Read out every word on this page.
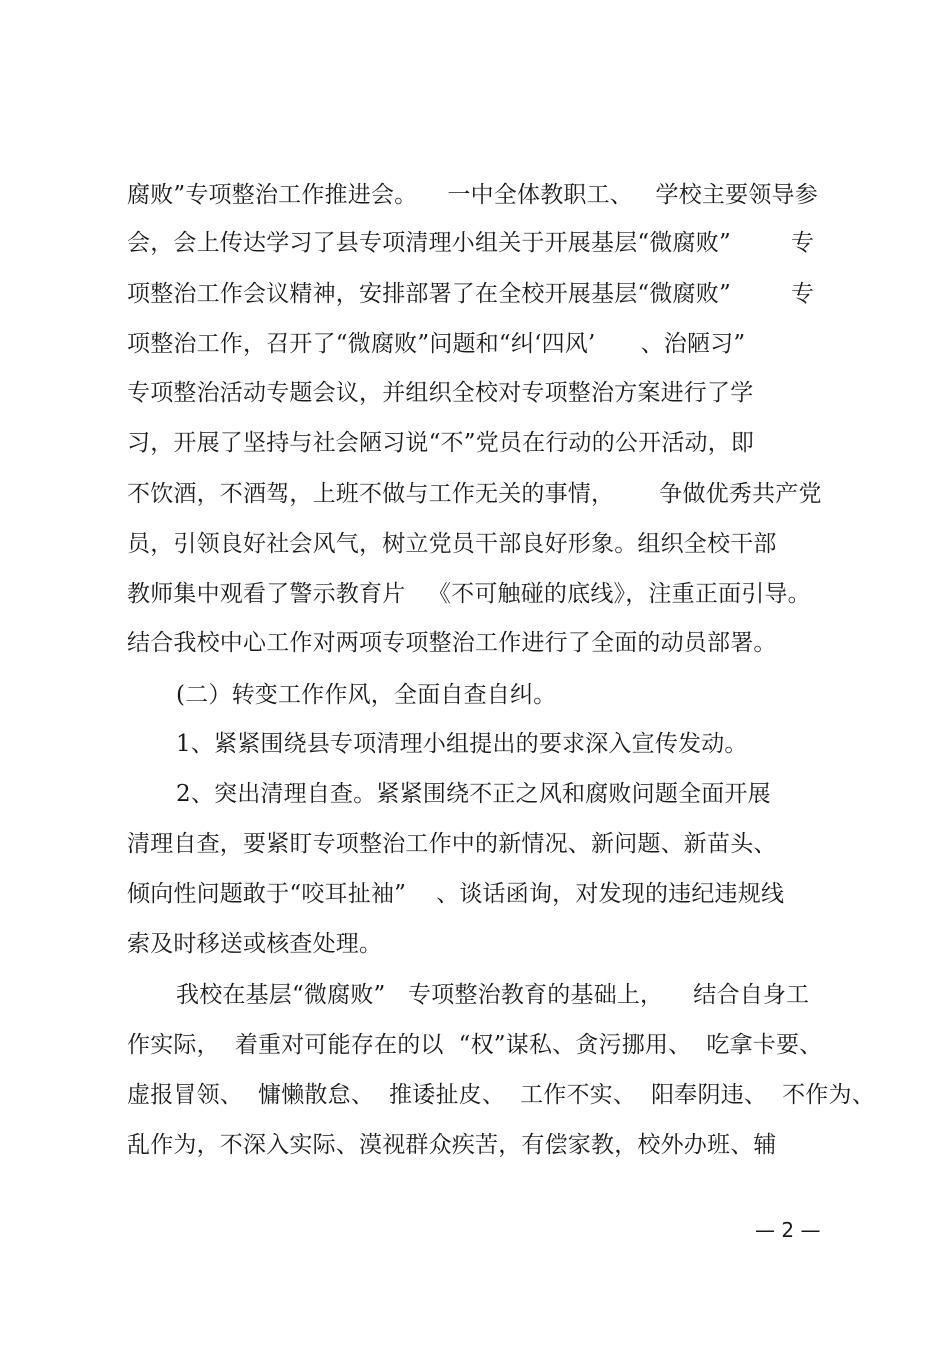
腐败”专项整治工作推进会。    一中全体教职工、   学校主要领导参
会，会上传达学习了县专项清理小组关于开展基层“微腐败”        专
项整治工作会议精神，安排部署了在全校开展基层“微腐败”        专
项整治工作，召开了“微腐败”问题和“纠‘四风’      、治陋习”
专项整治活动专题会议，并组织全校对专项整治方案进行了学
习，开展了坚持与社会陋习说“不”党员在行动的公开活动，即
不饮酒，不酒驾，上班不做与工作无关的事情，      争做优秀共产党
员，引领良好社会风气，树立党员干部良好形象。组织全校干部
教师集中观看了警示教育片   《不可触碰的底线》，注重正面引导。
结合我校中心工作对两项专项整治工作进行了全面的动员部署。
(二）转变工作作风，全面自查自纠。
1、紧紧围绕县专项清理小组提出的要求深入宣传发动。
2、突出清理自查。紧紧围绕不正之风和腐败问题全面开展
清理自查，要紧盯专项整治工作中的新情况、新问题、新苗头、
倾向性问题敢于“咬耳扯袖”    、谈话函询，对发现的违纪违规线
索及时移送或核查处理。
我校在基层“微腐败”   专项整治教育的基础上，    结合自身工
作实际，  着重对可能存在的以  “权”谋私、贪污挪用、  吃拿卡要、
虚报冒领、  慵懒散怠、  推诿扯皮、  工作不实、  阳奉阴违、  不作为、
乱作为，不深入实际、漠视群众疾苦，有偿家教，校外办班、辅
— 2 —
